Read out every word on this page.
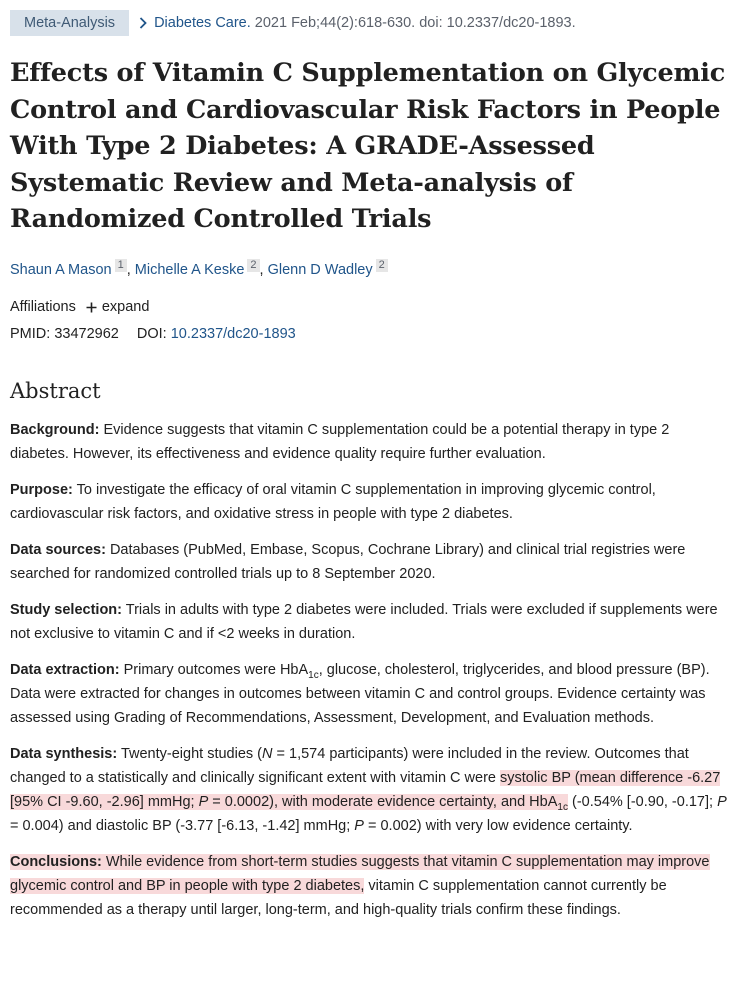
Meta-Analysis	Diabetes Care. 2021 Feb;44(2):618-630. doi: 10.2337/dc20-1893.
Effects of Vitamin C Supplementation on Glycemic Control and Cardiovascular Risk Factors in People With Type 2 Diabetes: A GRADE-Assessed Systematic Review and Meta-analysis of Randomized Controlled Trials
Shaun A Mason 1 , Michelle A Keske 2 , Glenn D Wadley 2
Affiliations expand
PMID: 33472962 DOI: 10.2337/dc20-1893
Abstract

Background: Evidence suggests that vitamin C supplementation could be a potential therapy in type 2 diabetes. However, its effectiveness and evidence quality require further evaluation.

Purpose: To investigate the efficacy of oral vitamin C supplementation in improving glycemic control, cardiovascular risk factors, and oxidative stress in people with type 2 diabetes.

Data sources: Databases (PubMed, Embase, Scopus, Cochrane Library) and clinical trial registries were searched for randomized controlled trials up to 8 September 2020.

Study selection: Trials in adults with type 2 diabetes were included. Trials were excluded if supplements were not exclusive to vitamin C and if <2 weeks in duration.

Data extraction: Primary outcomes were HbA$_{1c}$, glucose, cholesterol, triglycerides, and blood pressure (BP). Data were extracted for changes in outcomes between vitamin C and control groups. Evidence certainty was assessed using Grading of Recommendations, Assessment, Development, and Evaluation methods.

Data synthesis: Twenty-eight studies (N = 1,574 participants) were included in the review. Outcomes that changed to a statistically and clinically significant extent with vitamin C were systolic BP (mean difference -6.27 [95% CI -9.60, -2.96] mmHg; P = 0.0002), with moderate evidence certainty, and HbA$_{1c}$ (-0.54% [-0.90, -0.17]; P = 0.004) and diastolic BP (-3.77 [-6.13, -1.42] mmHg; P = 0.002) with very low evidence certainty.

Conclusions: While evidence from short-term studies suggests that vitamin C supplementation may improve glycemic control and BP in people with type 2 diabetes, vitamin C supplementation cannot currently be recommended as a therapy until larger, long-term, and high-quality trials confirm these findings.
